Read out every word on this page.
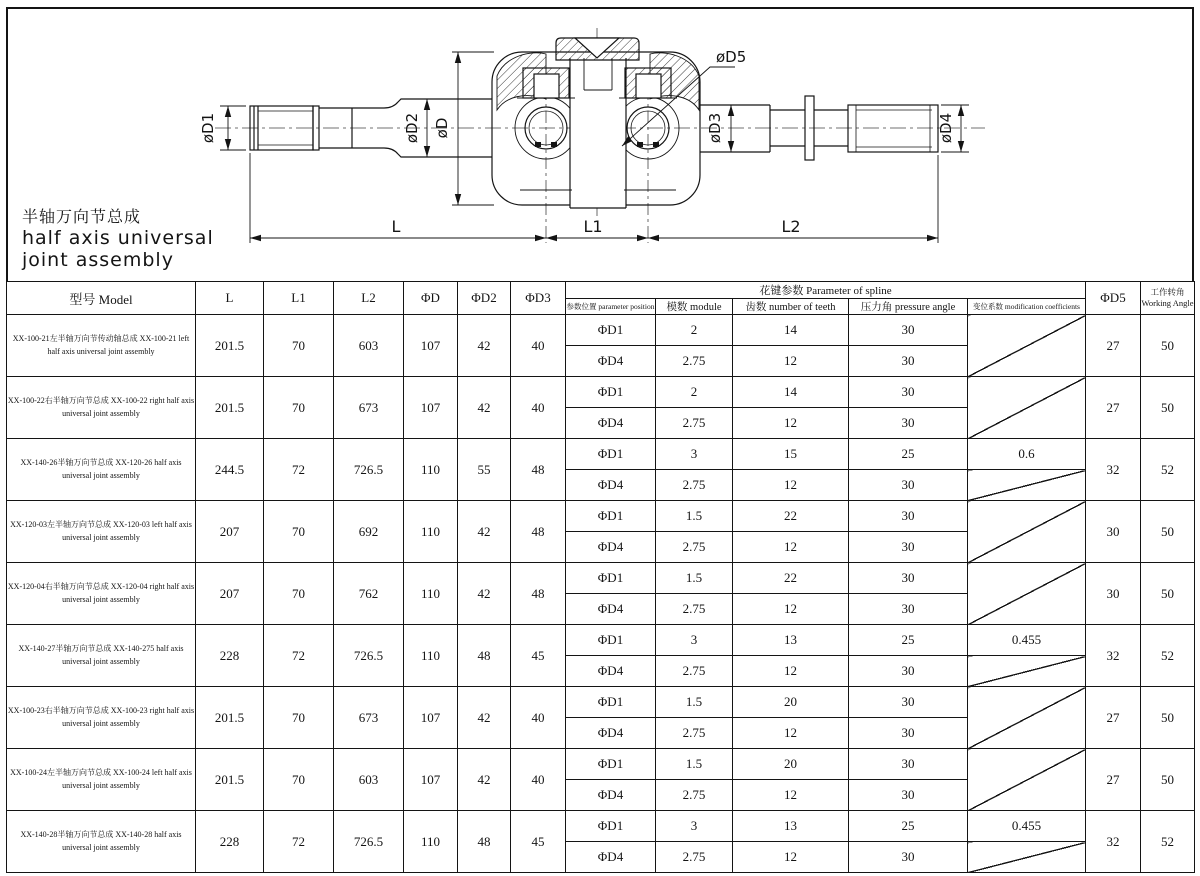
L	L1	L2
øD1	øD2 øD	øD3	øD4
øD5
半轴万向节总成
half axis universal
joint assembly
型号 Model	L	L1	L2	ΦD	ΦD2	ΦD3	花键参数 Parameter of spline					ΦD5	工作转角
Working Angle

							参数位置 parameter position	模数 module	齿数 number of teeth	压力角 pressure angle	变位系数 modification coefficients		
XX-100-21左半轴万向节传动轴总成 XX-100-21 left half axis universal joint assembly	201.5	70	603	107	42	40	ΦD1	2	14	30		27	50
							ΦD4	2.75	12	30			
XX-100-22右半轴万向节总成 XX-100-22 right half axis universal joint assembly	201.5	70	673	107	42	40	ΦD1	2	14	30		27	50
							ΦD4	2.75	12	30			
XX-140-26半轴万向节总成 XX-120-26 half axis universal joint assembly	244.5	72	726.5	110	55	48	ΦD1	3	15	25	0.6	32	52
							ΦD4	2.75	12	30			
XX-120-03左半轴万向节总成 XX-120-03 left half axis universal joint assembly	207	70	692	110	42	48	ΦD1	1.5	22	30		30	50
							ΦD4	2.75	12	30			
XX-120-04右半轴万向节总成 XX-120-04 right half axis universal joint assembly	207	70	762	110	42	48	ΦD1	1.5	22	30		30	50
							ΦD4	2.75	12	30			
XX-140-27半轴万向节总成 XX-140-275 half axis universal joint assembly	228	72	726.5	110	48	45	ΦD1	3	13	25	0.455	32	52
							ΦD4	2.75	12	30			
XX-100-23右半轴万向节总成 XX-100-23 right half axis universal joint assembly	201.5	70	673	107	42	40	ΦD1	1.5	20	30		27	50
							ΦD4	2.75	12	30			
XX-100-24左半轴万向节总成 XX-100-24 left half axis universal joint assembly	201.5	70	603	107	42	40	ΦD1	1.5	20	30		27	50
							ΦD4	2.75	12	30			
XX-140-28半轴万向节总成 XX-140-28 half axis universal joint assembly	228	72	726.5	110	48	45	ΦD1	3	13	25	0.455	32	52
							ΦD4	2.75	12	30			
